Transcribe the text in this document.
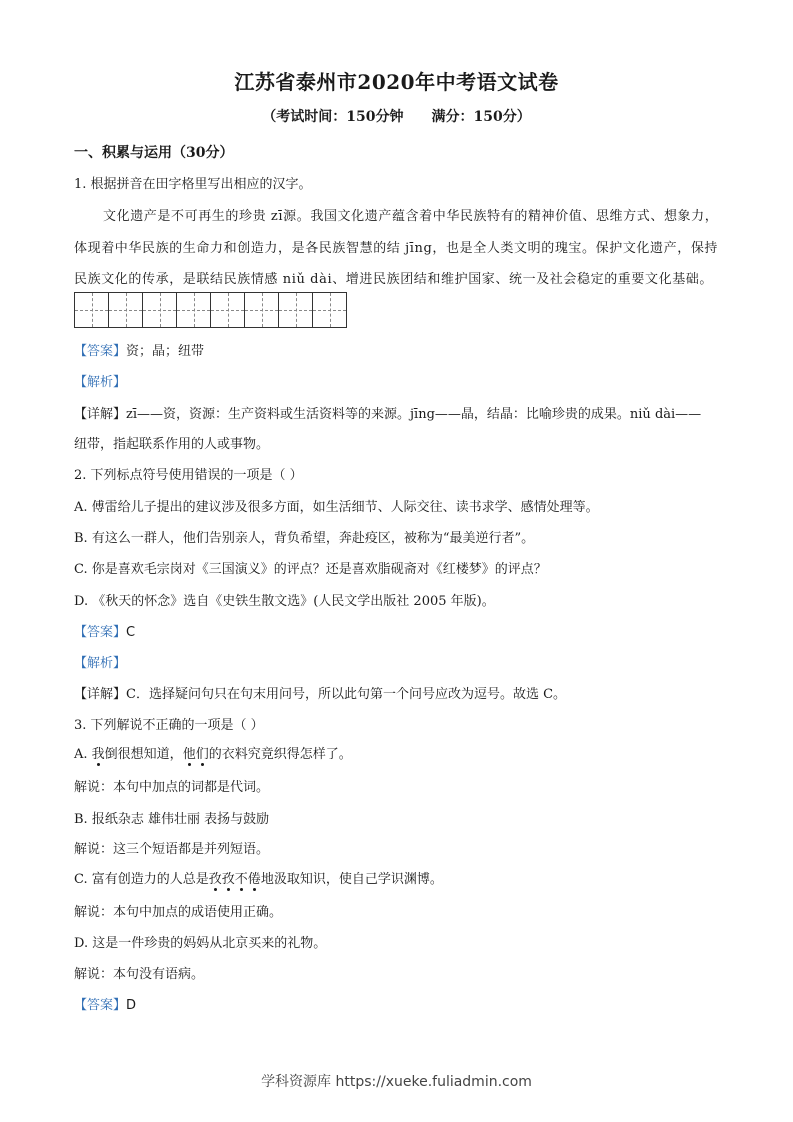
江苏省泰州市2020年中考语文试卷
（考试时间：150分钟 满分：150分）
一、积累与运用（30分）
1. 根据拼音在田字格里写出相应的汉字。
文化遗产是不可再生的珍贵 zī源。我国文化遗产蕴含着中华民族特有的精神价值、思维方式、想象力，
体现着中华民族的生命力和创造力，是各民族智慧的结 jīng，也是全人类文明的瑰宝。保护文化遗产，保持
民族文化的传承，是联结民族情感 niǔ dài、增进民族团结和维护国家、统一及社会稳定的重要文化基础。
【答案】资；晶；纽带
【解析】
【详解】zī——资，资源：生产资料或生活资料等的来源。jīng——晶，结晶：比喻珍贵的成果。niǔ dài——
纽带，指起联系作用的人或事物。
2. 下列标点符号使用错误的一项是（ ）
A. 傅雷给儿子提出的建议涉及很多方面，如生活细节、人际交往、读书求学、感情处理等。
B. 有这么一群人，他们告别亲人，背负希望，奔赴疫区，被称为“最美逆行者”。
C. 你是喜欢毛宗岗对《三国演义》的评点？还是喜欢脂砚斋对《红楼梦》的评点？
D. 《秋天的怀念》选自《史铁生散文选》(人民文学出版社 2005 年版)。
【答案】C
【解析】
【详解】C．选择疑问句只在句末用问号，所以此句第一个问号应改为逗号。故选 C。
3. 下列解说不正确的一项是（ ）
A. 我倒很想知道，他们的衣料究竟织得怎样了。
解说：本句中加点的词都是代词。
B. 报纸杂志 雄伟壮丽 表扬与鼓励
解说：这三个短语都是并列短语。
C. 富有创造力的人总是孜孜不倦地汲取知识，使自己学识渊博。
解说：本句中加点的成语使用正确。
D. 这是一件珍贵的妈妈从北京买来的礼物。
解说：本句没有语病。
【答案】D
学科资源库 https://xueke.fuliadmin.com
